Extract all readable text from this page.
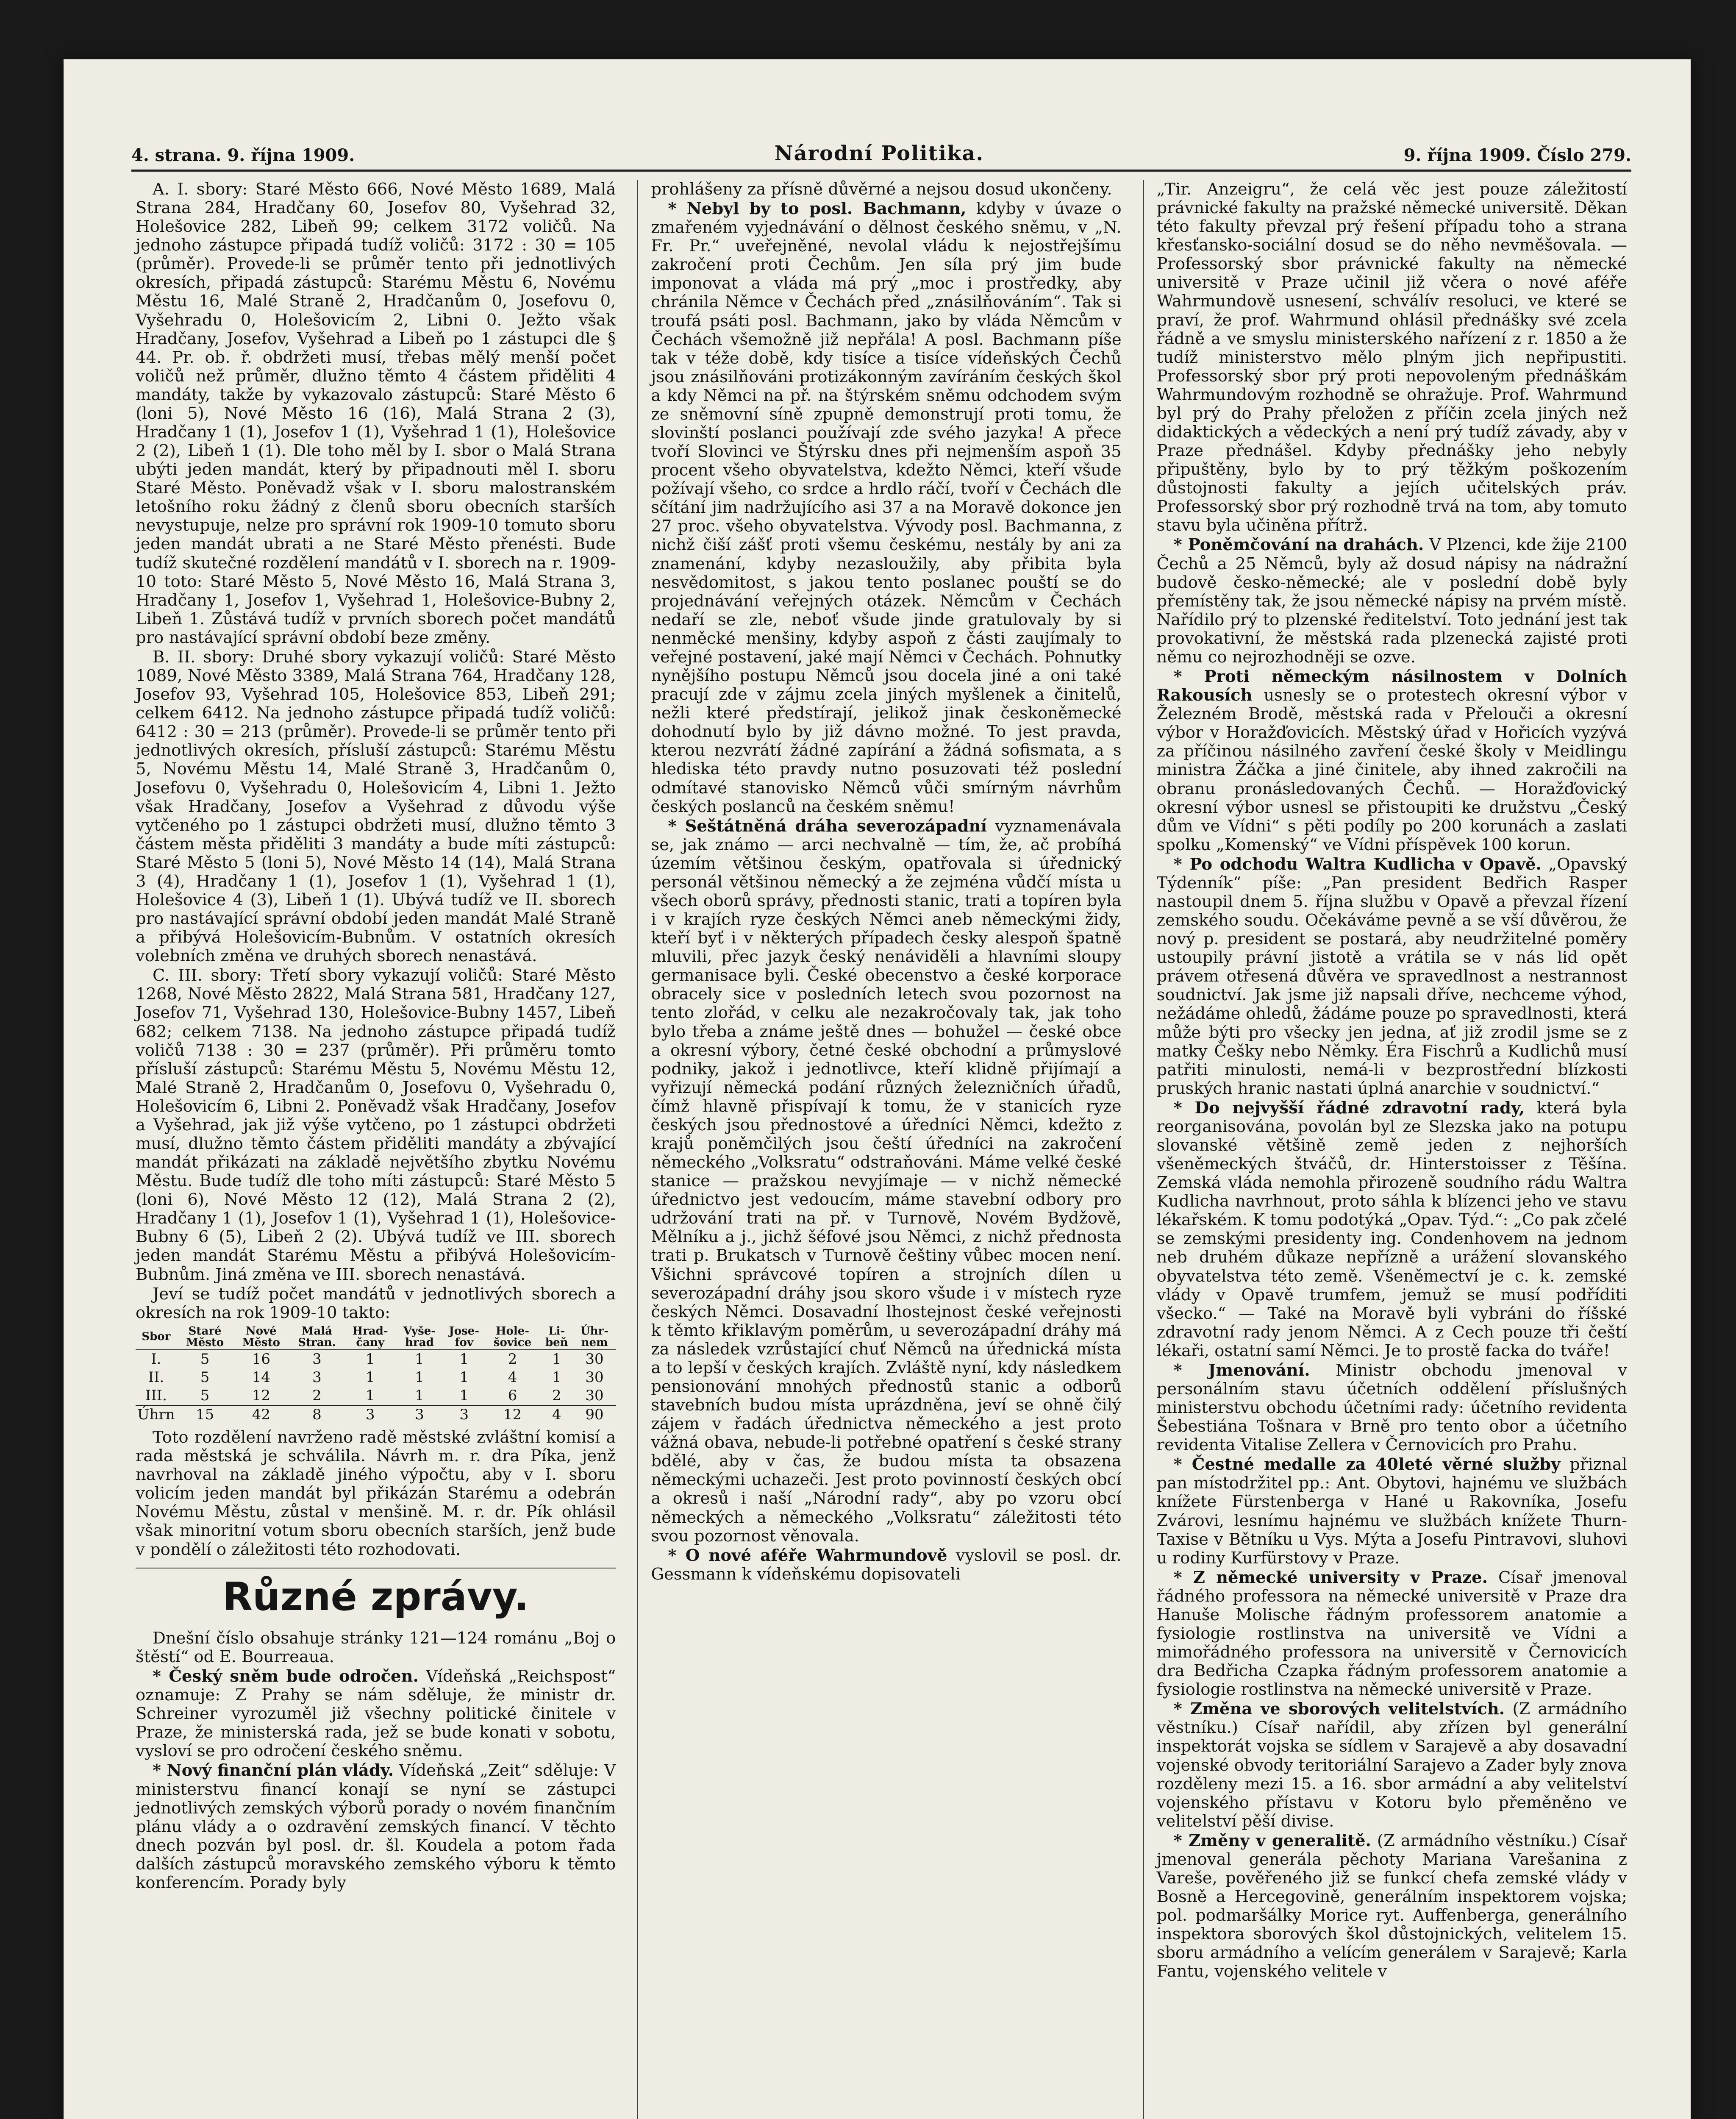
4. strana. 9. října 1909.	Národní Politika.	9. října 1909. Číslo 279.

A. I. sbory: Staré Město 666, Nové Město 1689, Malá Strana 284, Hradčany 60, Josefov 80, Vyšehrad 32, Holešovice 282, Libeň 99; celkem 3172 voličů. Na jednoho zástupce připadá tudíž voličů: 3172 : 30 = 105 (průměr). Provede-li se průměr tento při jednotlivých okresích, připadá zástupců: Starému Městu 6, Novému Městu 16, Malé Straně 2, Hradčanům 0, Josefovu 0, Vyšehradu 0, Holešovicím 2, Libni 0. Ježto však Hradčany, Josefov, Vyšehrad a Libeň po 1 zástupci dle § 44. Pr. ob. ř. obdržeti musí, třebas mělý menší počet voličů než průměr, dlužno těmto 4 částem přiděliti 4 mandáty, takže by vykazovalo zástupců: Staré Město 6 (loni 5), Nové Město 16 (16), Malá Strana 2 (3), Hradčany 1 (1), Josefov 1 (1), Vyšehrad 1 (1), Holešovice 2 (2), Libeň 1 (1). Dle toho měl by I. sbor o Malá Strana ubýti jeden mandát, který by připadnouti měl I. sboru Staré Město. Poněvadž však v I. sboru malostranském letošního roku žádný z členů sboru obecních starších nevystupuje, nelze pro správní rok 1909-10 tomuto sboru jeden mandát ubrati a ne Staré Město přenésti. Bude tudíž skutečné rozdělení mandátů v I. sborech na r. 1909-10 toto: Staré Město 5, Nové Město 16, Malá Strana 3, Hradčany 1, Josefov 1, Vyšehrad 1, Holešovice-Bubny 2, Libeň 1. Zůstává tudíž v prvních sborech počet mandátů pro nastávající správní období beze změny.

B. II. sbory: Druhé sbory vykazují voličů: Staré Město 1089, Nové Město 3389, Malá Strana 764, Hradčany 128, Josefov 93, Vyšehrad 105, Holešovice 853, Libeň 291; celkem 6412. Na jednoho zástupce připadá tudíž voličů: 6412 : 30 = 213 (průměr). Provede-li se průměr tento při jednotlivých okresích, přísluší zástupců: Starému Městu 5, Novému Městu 14, Malé Straně 3, Hradčanům 0, Josefovu 0, Vyšehradu 0, Holešovicím 4, Libni 1. Ježto však Hradčany, Josefov a Vyšehrad z důvodu výše vytčeného po 1 zástupci obdržeti musí, dlužno těmto 3 částem města přiděliti 3 mandáty a bude míti zástupců: Staré Město 5 (loni 5), Nové Město 14 (14), Malá Strana 3 (4), Hradčany 1 (1), Josefov 1 (1), Vyšehrad 1 (1), Holešovice 4 (3), Libeň 1 (1). Ubývá tudíž ve II. sborech pro nastávající správní období jeden mandát Malé Straně a přibývá Holešovicím-Bubnům. V ostatních okresích volebních změna ve druhých sborech nenastává.

C. III. sbory: Třetí sbory vykazují voličů: Staré Město 1268, Nové Město 2822, Malá Strana 581, Hradčany 127, Josefov 71, Vyšehrad 130, Holešovice-Bubny 1457, Libeň 682; celkem 7138. Na jednoho zástupce připadá tudíž voličů 7138 : 30 = 237 (průměr). Při průměru tomto přísluší zástupců: Starému Městu 5, Novému Městu 12, Malé Straně 2, Hradčanům 0, Josefovu 0, Vyšehradu 0, Holešovicím 6, Libni 2. Poněvadž však Hradčany, Josefov a Vyšehrad, jak již výše vytčeno, po 1 zástupci obdržeti musí, dlužno těmto částem přiděliti mandáty a zbývající mandát přikázati na základě největšího zbytku Novému Městu. Bude tudíž dle toho míti zástupců: Staré Město 5 (loni 6), Nové Město 12 (12), Malá Strana 2 (2), Hradčany 1 (1), Josefov 1 (1), Vyšehrad 1 (1), Holešovice-Bubny 6 (5), Libeň 2 (2). Ubývá tudíž ve III. sborech jeden mandát Starému Městu a přibývá Holešovicím-Bubnům. Jiná změna ve III. sborech nenastává.

Jeví se tudíž počet mandátů v jednotlivých sborech a okresích na rok 1909-10 takto:

Sbor	Staré Město	Nové Město	Malá Stran.	Hrad-čany	Vyše-hrad	Jose-fov	Hole-šovice	Li-beň	Úhr-nem
I.	5	16	3	1	1	1	2	1	30
II.	5	14	3	1	1	1	4	1	30
III.	5	12	2	1	1	1	6	2	30
Úhrn	15	42	8	3	3	3	12	4	90

Toto rozdělení navrženo radě městské zvláštní komisí a rada městská je schválila. Návrh m. r. dra Píka, jenž navrhoval na základě jiného výpočtu, aby v I. sboru volicím jeden mandát byl přikázán Starému a odebrán Novému Městu, zůstal v menšině. M. r. dr. Pík ohlásil však minoritní votum sboru obecních starších, jenž bude v pondělí o záležitosti této rozhodovati.

Různé zprávy.

Dnešní číslo obsahuje stránky 121—124 románu „Boj o štěstí“ od E. Bourreaua.

* Český sněm bude odročen. Vídeňská „Reichspost“ oznamuje: Z Prahy se nám sděluje, že ministr dr. Schreiner vyrozuměl již všechny politické činitele v Praze, že ministerská rada, jež se bude konati v sobotu, vysloví se pro odročení českého sněmu.

* Nový finanční plán vlády. Vídeňská „Zeit“ sděluje: V ministerstvu financí konají se nyní se zástupci jednotlivých zemských výborů porady o novém finančním plánu vlády a o ozdravění zemských financí. V těchto dnech pozván byl posl. dr. šl. Koudela a potom řada dalších zástupců moravského zemského výboru k těmto konferencím. Porady byly

prohlášeny za přísně důvěrné a nejsou dosud ukončeny.

* Nebyl by to posl. Bachmann, kdyby v úvaze o zmařeném vyjednávání o dělnost českého sněmu, v „N. Fr. Pr.“ uveřejněné, nevolal vládu k nejostřejšímu zakročení proti Čechům. Jen síla prý jim bude imponovat a vláda má prý „moc i prostředky, aby chránila Němce v Čechách před „znásilňováním“. Tak si troufá psáti posl. Bachmann, jako by vláda Němcům v Čechách všemožně již nepřála! A posl. Bachmann píše tak v téže době, kdy tisíce a tisíce vídeňských Čechů jsou znásilňováni protizákonným zavíráním českých škol a kdy Němci na př. na štýrském sněmu odchodem svým ze sněmovní síně zpupně demonstrují proti tomu, že slovinští poslanci používají zde svého jazyka! A přece tvoří Slovinci ve Štýrsku dnes při nejmenším aspoň 35 procent všeho obyvatelstva, kdežto Němci, kteří všude požívají všeho, co srdce a hrdlo ráčí, tvoří v Čechách dle sčítání jim nadržujícího asi 37 a na Moravě dokonce jen 27 proc. všeho obyvatelstva. Vývody posl. Bachmanna, z nichž čiší zášť proti všemu českému, nestály by ani za znamenání, kdyby nezasloužily, aby přibita byla nesvědomitost, s jakou tento poslanec pouští se do projednávání veřejných otázek. Němcům v Čechách nedaří se zle, neboť všude jinde gratulovaly by si nenměcké menšiny, kdyby aspoň z části zaujímaly to veřejné postavení, jaké mají Němci v Čechách. Pohnutky nynějšího postupu Němců jsou docela jiné a oni také pracují zde v zájmu zcela jiných myšlenek a činitelů, nežli které předstírají, jelikož jinak českoněmecké dohodnutí bylo by již dávno možné. To jest pravda, kterou nezvrátí žádné zapírání a žádná sofismata, a s hlediska této pravdy nutno posuzovati též poslední odmítavé stanovisko Němců vůči smírným návrhům českých poslanců na českém sněmu!

* Seštátněná dráha severozápadní vyznamenávala se, jak známo — arci nechvalně — tím, že, ač probíhá územím většinou českým, opatřovala si úřednický personál většinou německý a že zejména vůdčí místa u všech oborů správy, přednosti stanic, trati a topíren byla i v krajích ryze českých Němci aneb německými židy, kteří byť i v některých případech česky alespoň špatně mluvili, přec jazyk český nenáviděli a hlavními sloupy germanisace byli. České obecenstvo a české korporace obracely sice v posledních letech svou pozornost na tento zlořád, v celku ale nezakročovaly tak, jak toho bylo třeba a známe ještě dnes — bohužel — české obce a okresní výbory, četné české obchodní a průmyslové podniky, jakož i jednotlivce, kteří klidně přijímají a vyřizují německá podání různých železničních úřadů, čímž hlavně přispívají k tomu, že v stanicích ryze českých jsou přednostové a úředníci Němci, kdežto z krajů poněmčilých jsou čeští úředníci na zakročení německého „Volksratu“ odstraňováni. Máme velké české stanice — pražskou nevyjímaje — v nichž německé úřednictvo jest vedoucím, máme stavební odbory pro udržování trati na př. v Turnově, Novém Bydžově, Mělníku a j., jichž šéfové jsou Němci, z nichž přednosta trati p. Brukatsch v Turnově češtiny vůbec mocen není. Všichni správcové topíren a strojních dílen u severozápadní dráhy jsou skoro všude i v místech ryze českých Němci. Dosavadní lhostejnost české veřejnosti k těmto křiklavým poměrům, u severozápadní dráhy má za následek vzrůstající chuť Němců na úřednická místa a to lepší v českých krajích. Zvláště nyní, kdy následkem pensionování mnohých přednostů stanic a odborů stavebních budou místa uprázdněna, jeví se ohně čilý zájem v řadách úřednictva německého a jest proto vážná obava, nebude-li potřebné opatření s české strany bdělé, aby v čas, že budou místa ta obsazena německými uchazeči. Jest proto povinností českých obcí a okresů i naší „Národní rady“, aby po vzoru obcí německých a německého „Volksratu“ záležitosti této svou pozornost věnovala.

* O nové aféře Wahrmundově vyslovil se posl. dr. Gessmann k vídeňskému dopisovateli

„Tir. Anzeigru“, že celá věc jest pouze záležitostí právnické fakulty na pražské německé universitě. Děkan této fakulty převzal prý řešení případu toho a strana křesťansko-sociální dosud se do něho nevměšovala. — Professorský sbor právnické fakulty na německé universitě v Praze učinil již včera o nové aféře Wahrmundově usnesení, schválív resoluci, ve které se praví, že prof. Wahrmund ohlásil přednášky své zcela řádně a ve smyslu ministerského nařízení z r. 1850 a že tudíž ministerstvo mělo plným jich nepřipustiti. Professorský sbor prý proti nepovoleným přednáškám Wahrmundovým rozhodně se ohražuje. Prof. Wahrmund byl prý do Prahy přeložen z příčin zcela jiných než didaktických a vědeckých a není prý tudíž závady, aby v Praze přednášel. Kdyby přednášky jeho nebyly připuštěny, bylo by to prý těžkým poškozením důstojnosti fakulty a jejích učitelských práv. Professorský sbor prý rozhodně trvá na tom, aby tomuto stavu byla učiněna přítrž.

* Poněmčování na drahách. V Plzenci, kde žije 2100 Čechů a 25 Němců, byly až dosud nápisy na nádražní budově česko-německé; ale v poslední době byly přemístěny tak, že jsou německé nápisy na prvém místě. Nařídilo prý to plzenské ředitelství. Toto jednání jest tak provokativní, že městská rada plzenecká zajisté proti němu co nejrozhodněji se ozve.

* Proti německým násilnostem v Dolních Rakousích usnesly se o protestech okresní výbor v Železném Brodě, městská rada v Přelouči a okresní výbor v Horažďovicích. Městský úřad v Hořicích vyzývá za příčinou násilného zavření české školy v Meidlingu ministra Žáčka a jiné činitele, aby ihned zakročili na obranu pronásledovaných Čechů. — Horažďovický okresní výbor usnesl se přistoupiti ke družstvu „Český dům ve Vídni“ s pěti podíly po 200 korunách a zaslati spolku „Komenský“ ve Vídni příspěvek 100 korun.

* Po odchodu Waltra Kudlicha v Opavě. „Opavský Týdenník“ píše: „Pan president Bedřich Rasper nastoupil dnem 5. října službu v Opavě a převzal řízení zemského soudu. Očekáváme pevně a se vší důvěrou, že nový p. president se postará, aby neudržitelné poměry ustoupily právní jistotě a vrátila se v nás lid opět právem otřesená důvěra ve spravedlnost a nestrannost soudnictví. Jak jsme již napsali dříve, nechceme výhod, nežádáme ohledů, žádáme pouze po spravedlnosti, která může býti pro všecky jen jedna, ať již zrodil jsme se z matky Češky nebo Němky. Éra Fischrů a Kudlichů musí patřiti minulosti, nemá-li v bezprostřední blízkosti pruských hranic nastati úplná anarchie v soudnictví.“

* Do nejvyšší řádné zdravotní rady, která byla reorganisována, povolán byl ze Slezska jako na potupu slovanské většině země jeden z nejhorších všeněmeckých štváčů, dr. Hinterstoisser z Těšína. Zemská vláda nemohla přirozeně soudního rádu Waltra Kudlicha navrhnout, proto sáhla k blízenci jeho ve stavu lékařském. K tomu podotýká „Opav. Týd.“: „Co pak zčelé se zemskými presidenty ing. Condenhovem na jednom neb druhém důkaze nepřízně a urážení slovanského obyvatelstva této země. Všeněmectví je c. k. zemské vlády v Opavě trumfem, jemuž se musí podříditi všecko.“ — Také na Moravě byli vybráni do říšské zdravotní rady jenom Němci. A z Cech pouze tři čeští lékaři, ostatní samí Němci. Je to prostě facka do tváře!

* Jmenování. Ministr obchodu jmenoval v personálním stavu účetních oddělení příslušných ministerstvu obchodu účetními rady: účetního revidenta Šebestiána Tošnara v Brně pro tento obor a účetního revidenta Vitalise Zellera v Černovicích pro Prahu.

* Čestné medalle za 40leté věrné služby přiznal pan místodržitel pp.: Ant. Obytovi, hajnému ve službách knížete Fürstenberga v Hané u Rakovníka, Josefu Zvárovi, lesnímu hajnému ve službách knížete Thurn-Taxise v Bětníku u Vys. Mýta a Josefu Pintravovi, sluhovi u rodiny Kurfürstovy v Praze.

* Z německé university v Praze. Císař jmenoval řádného professora na německé universitě v Praze dra Hanuše Molische řádným professorem anatomie a fysiologie rostlinstva na universitě ve Vídni a mimořádného professora na universitě v Černovicích dra Bedřicha Czapka řádným professorem anatomie a fysiologie rostlinstva na německé universitě v Praze.

* Změna ve sborových velitelstvích. (Z armádního věstníku.) Císař nařídil, aby zřízen byl generální inspektorát vojska se sídlem v Sarajevě a aby dosavadní vojenské obvody teritoriální Sarajevo a Zader byly znova rozděleny mezi 15. a 16. sbor armádní a aby velitelství vojenského přístavu v Kotoru bylo přeměněno ve velitelství pěší divise.

* Změny v generalitě. (Z armádního věstníku.) Císař jmenoval generála pěchoty Mariana Varešanina z Vareše, pověřeného již se funkcí chefa zemské vlády v Bosně a Hercegovině, generálním inspektorem vojska; pol. podmaršálky Morice ryt. Auffenberga, generálního inspektora sborových škol důstojnických, velitelem 15. sboru armádního a velícím generálem v Sarajevě; Karla Fantu, vojenského velitele v
